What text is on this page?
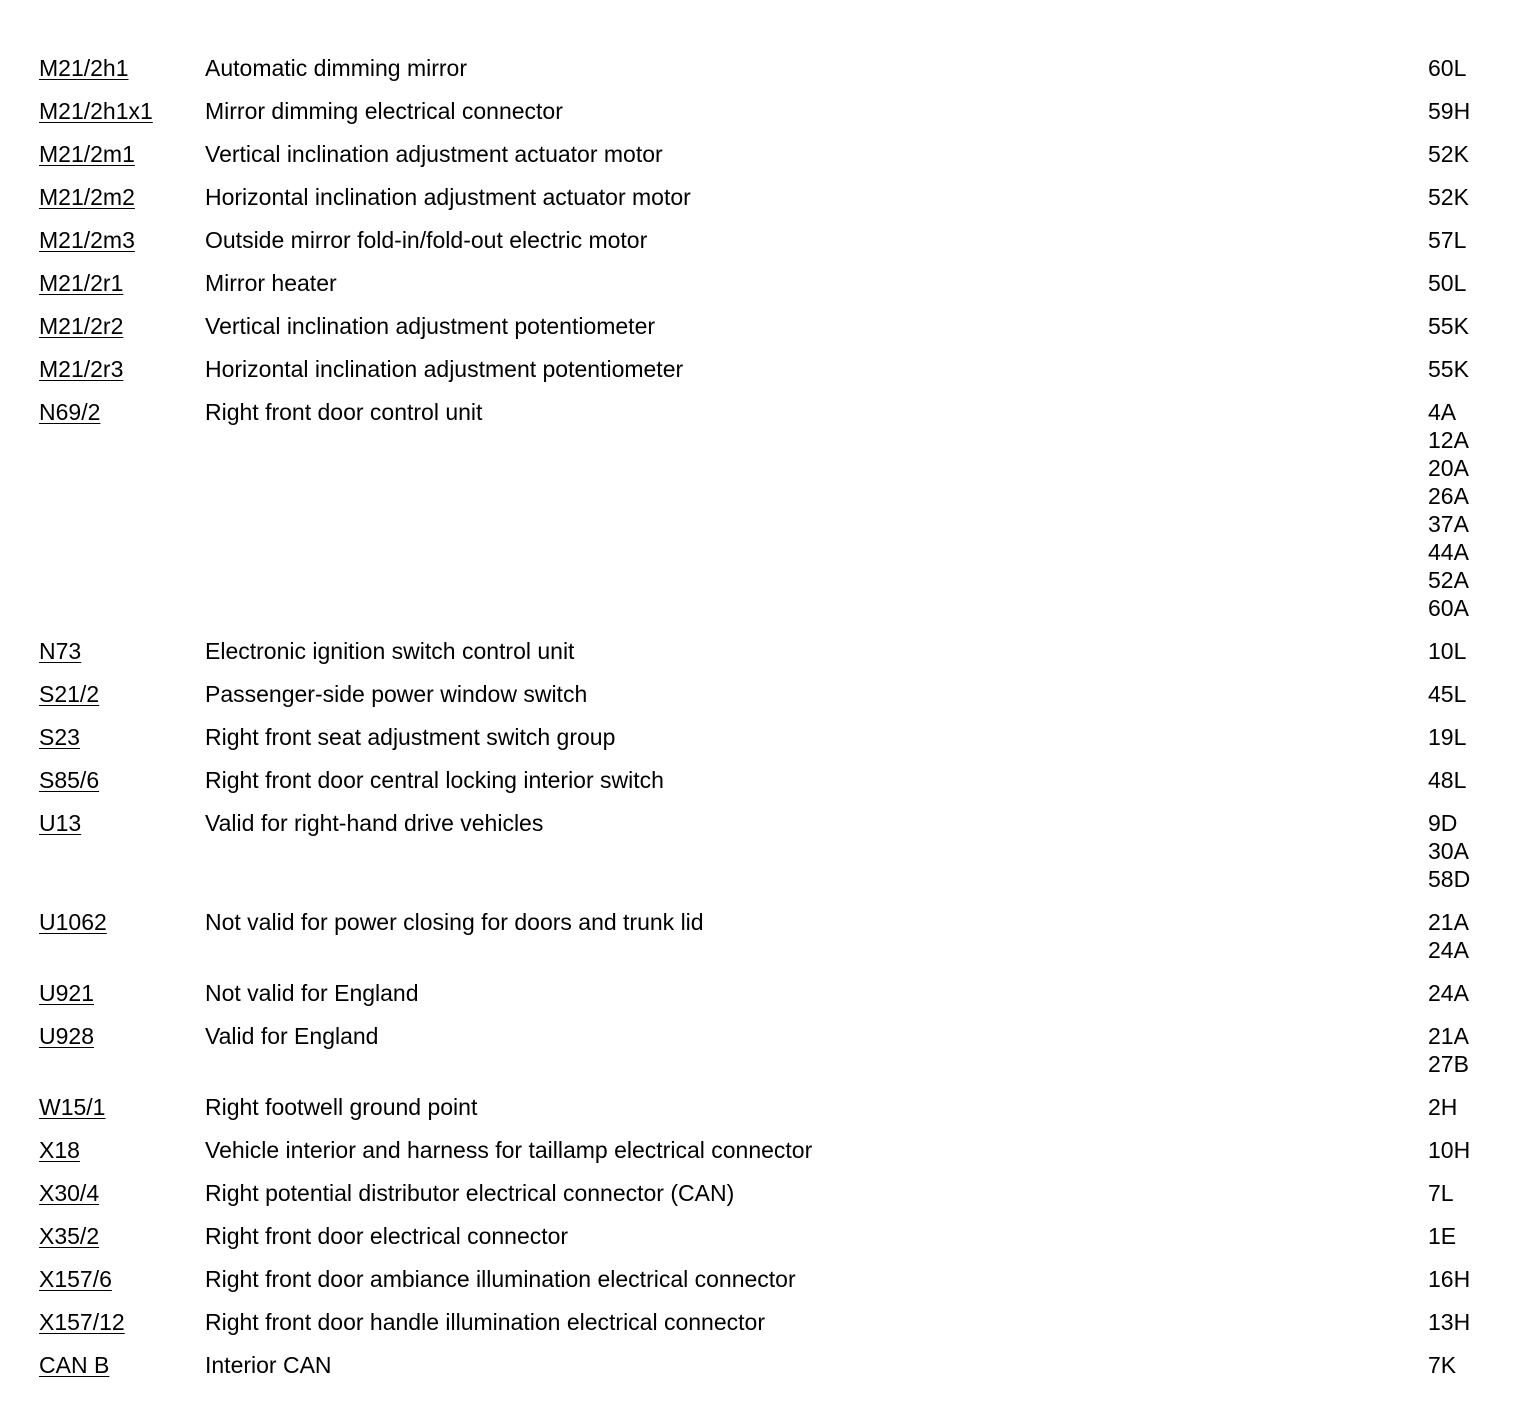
M21/2h1	Automatic dimming mirror	60L
M21/2h1x1 Mirror dimming electrical connector	59H
M21/2m1	Vertical inclination adjustment actuator motor	52K
M21/2m2	Horizontal inclination adjustment actuator motor	52K
M21/2m3	Outside mirror fold-in/fold-out electric motor	57L
M21/2r1	Mirror heater	50L
M21/2r2	Vertical inclination adjustment potentiometer	55K
M21/2r3	Horizontal inclination adjustment potentiometer	55K
N69/2	Right front door control unit	4A
12A
20A
26A
37A
44A
52A
60A
N73	Electronic ignition switch control unit	10L
S21/2	Passenger-side power window switch	45L
S23	Right front seat adjustment switch group	19L
S85/6	Right front door central locking interior switch	48L
U13	Valid for right-hand drive vehicles	9D
30A
58D
U1062	Not valid for power closing for doors and trunk lid	21A
24A
U921	Not valid for England	24A
U928	Valid for England	21A
27B
W15/1	Right footwell ground point	2H
X18	Vehicle interior and harness for taillamp electrical connector	10H
X30/4	Right potential distributor electrical connector (CAN)	7L
X35/2	Right front door electrical connector	1E
X157/6	Right front door ambiance illumination electrical connector	16H
X157/12	Right front door handle illumination electrical connector	13H
CAN B	Interior CAN	7K
